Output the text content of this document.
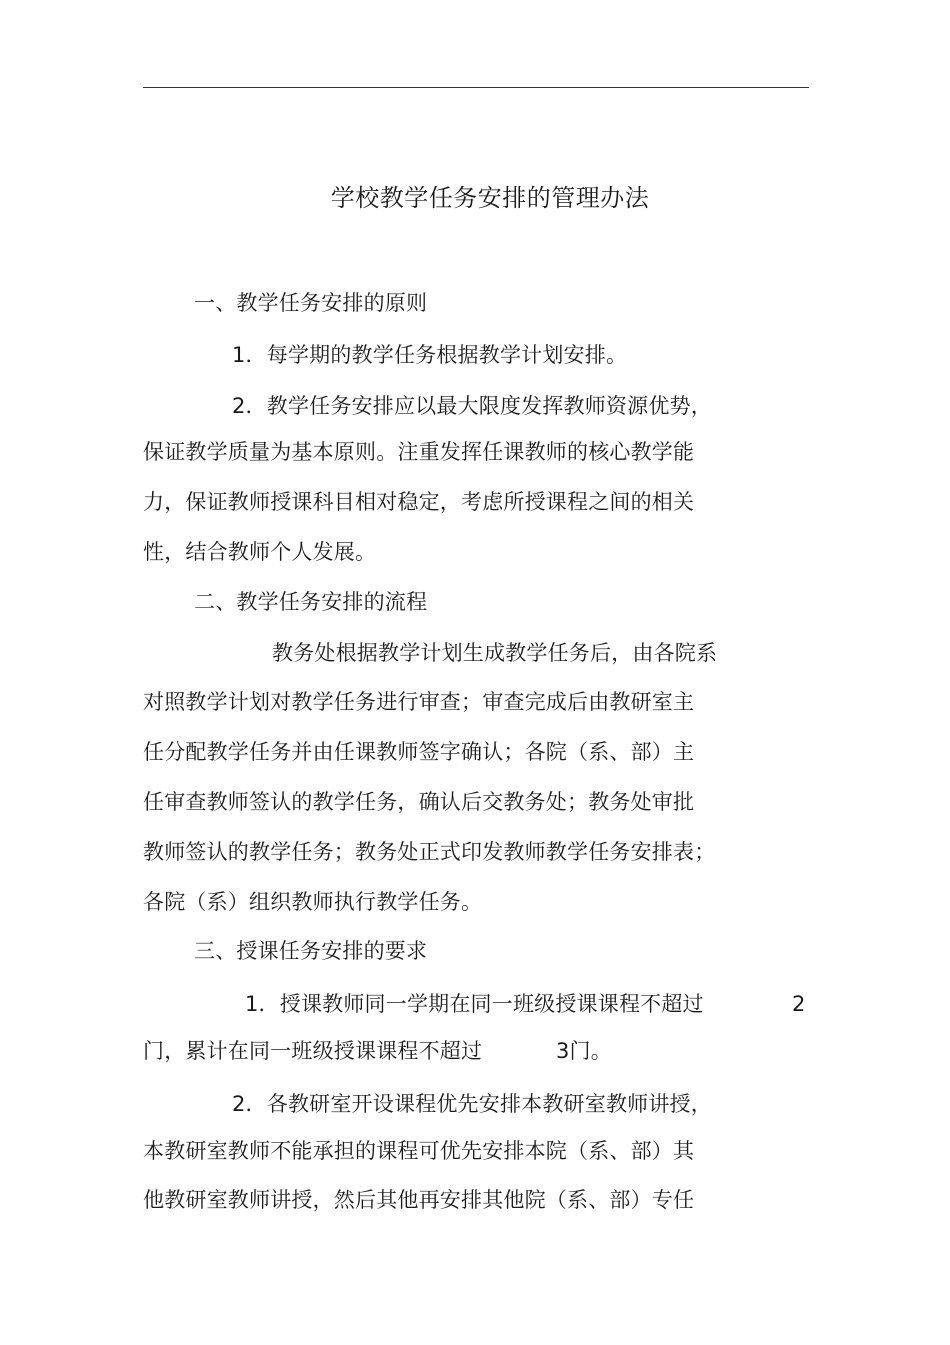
学校教学任务安排的管理办法
一、教学任务安排的原则
1．每学期的教学任务根据教学计划安排。
2．教学任务安排应以最大限度发挥教师资源优势，
保证教学质量为基本原则。注重发挥任课教师的核心教学能
力，保证教师授课科目相对稳定，考虑所授课程之间的相关
性，结合教师个人发展。
二、教学任务安排的流程
教务处根据教学计划生成教学任务后，由各院系
对照教学计划对教学任务进行审查；审查完成后由教研室主
任分配教学任务并由任课教师签字确认；各院（系、部）主
任审查教师签认的教学任务，确认后交教务处；教务处审批
教师签认的教学任务；教务处正式印发教师教学任务安排表；
各院（系）组织教师执行教学任务。
三、授课任务安排的要求
1．授课教师同一学期在同一班级授课课程不超过	2
门，累计在同一班级授课课程不超过	3门。
2．各教研室开设课程优先安排本教研室教师讲授，
本教研室教师不能承担的课程可优先安排本院（系、部）其
他教研室教师讲授，然后其他再安排其他院（系、部）专任
